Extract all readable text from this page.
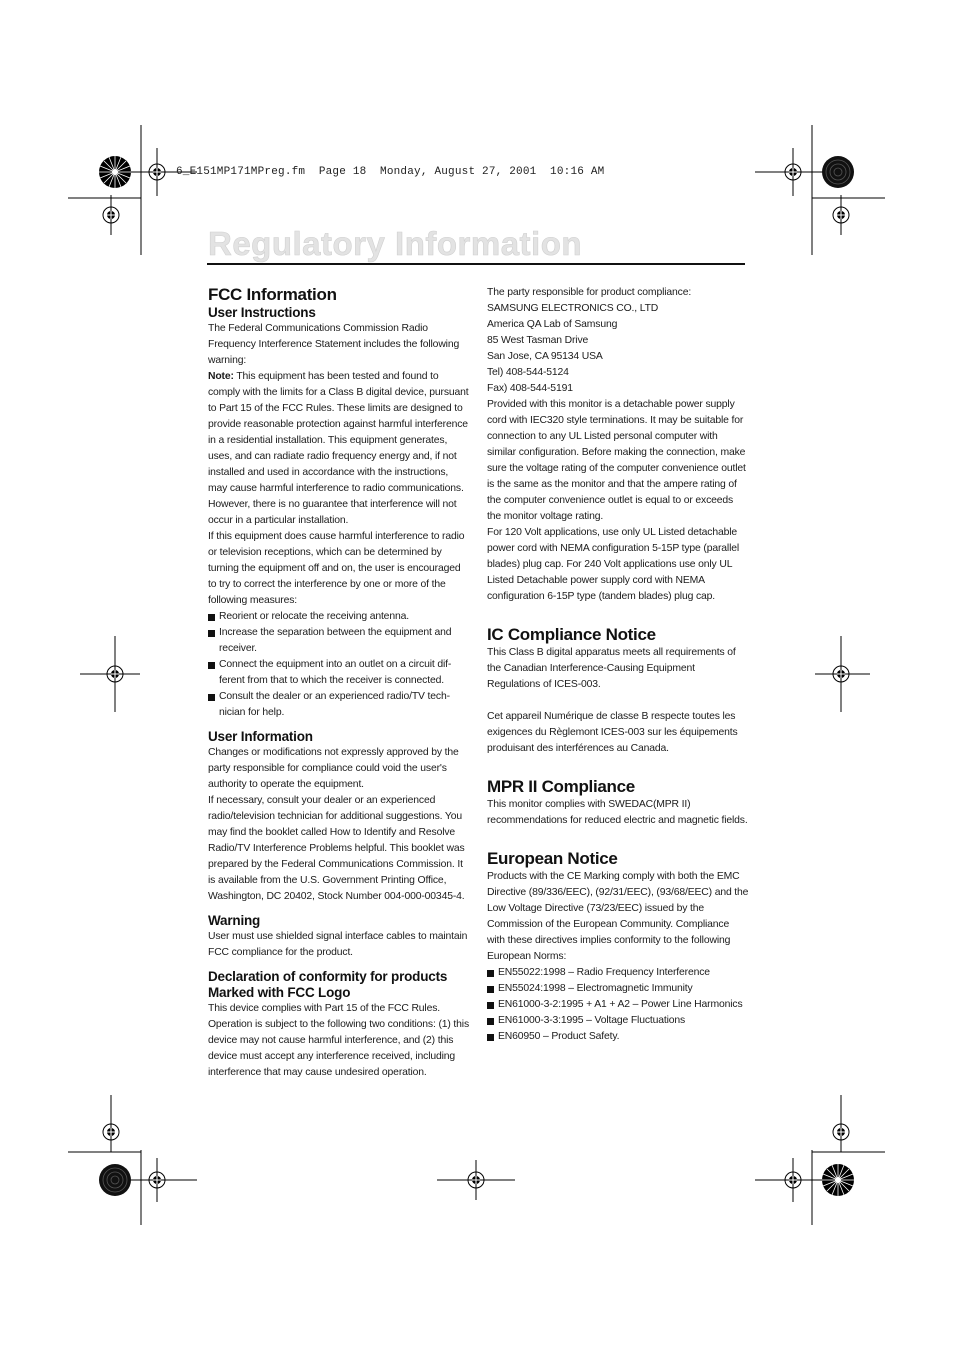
6_E151MP171MPreg.fm  Page 18  Monday, August 27, 2001  10:16 AM
Regulatory Information
FCC Information
User Instructions

The Federal Communications Commission Radio Frequency Interference Statement includes the following warning:

Note: This equipment has been tested and found to comply with the limits for a Class B digital device, pursuant to Part 15 of the FCC Rules. These limits are designed to provide reasonable protection against harmful interference in a residential installation. This equipment generates, uses, and can radiate radio frequency energy and, if not installed and used in accordance with the instructions, may cause harmful interference to radio communications. However, there is no guarantee that interference will not occur in a particular installation.

If this equipment does cause harmful interference to radio or television receptions, which can be determined by turning the equipment off and on, the user is encouraged to try to correct the interference by one or more of the following measures:

Reorient or relocate the receiving antenna.
Increase the separation between the equipment and receiver.
Connect the equipment into an outlet on a circuit dif-ferent from that to which the receiver is connected.
Consult the dealer or an experienced radio/TV tech-nician for help.
User Information

Changes or modifications not expressly approved by the party responsible for compliance could void the user's authority to operate the equipment.

If necessary, consult your dealer or an experienced radio/television technician for additional suggestions. You may find the booklet called How to Identify and Resolve Radio/TV Interference Problems helpful. This booklet was prepared by the Federal Communications Commission. It is available from the U.S. Government Printing Office, Washington, DC 20402, Stock Number 004-000-00345-4.

Warning

User must use shielded signal interface cables to maintain FCC compliance for the product.

Declaration of conformity for products Marked with FCC Logo

This device complies with Part 15 of the FCC Rules. Operation is subject to the following two conditions: (1) this device may not cause harmful interference, and (2) this device must accept any interference received, including interference that may cause undesired operation.

The party responsible for product compliance:

SAMSUNG ELECTRONICS CO., LTD

America QA Lab of Samsung

85 West Tasman Drive

San Jose, CA 95134 USA

Tel) 408-544-5124

Fax) 408-544-5191

Provided with this monitor is a detachable power supply cord with IEC320 style terminations. It may be suitable for connection to any UL Listed personal computer with similar configuration. Before making the connection, make sure the voltage rating of the computer convenience outlet is the same as the monitor and that the ampere rating of the computer convenience outlet is equal to or exceeds the monitor voltage rating.

For 120 Volt applications, use only UL Listed detachable power cord with NEMA configuration 5-15P type (parallel blades) plug cap. For 240 Volt applications use only UL Listed Detachable power supply cord with NEMA configuration 6-15P type (tandem blades) plug cap.

IC Compliance Notice

This Class B digital apparatus meets all requirements of the Canadian Interference-Causing Equipment Regulations of ICES-003.

Cet appareil Numérique de classe B respecte toutes les exigences du Règlemont ICES-003 sur les équipements produisant des interférences au Canada.

MPR II Compliance

This monitor complies with SWEDAC(MPR II) recommendations for reduced electric and magnetic fields.

European Notice

Products with the CE Marking comply with both the EMC Directive (89/336/EEC), (92/31/EEC), (93/68/EEC) and the Low Voltage Directive (73/23/EEC) issued by the Commission of the European Community. Compliance with these directives implies conformity to the following European Norms:

EN55022:1998 – Radio Frequency Interference
EN55024:1998 – Electromagnetic Immunity
EN61000-3-2:1995 + A1 + A2 – Power Line Harmonics
EN61000-3-3:1995 – Voltage Fluctuations
EN60950 – Product Safety.
